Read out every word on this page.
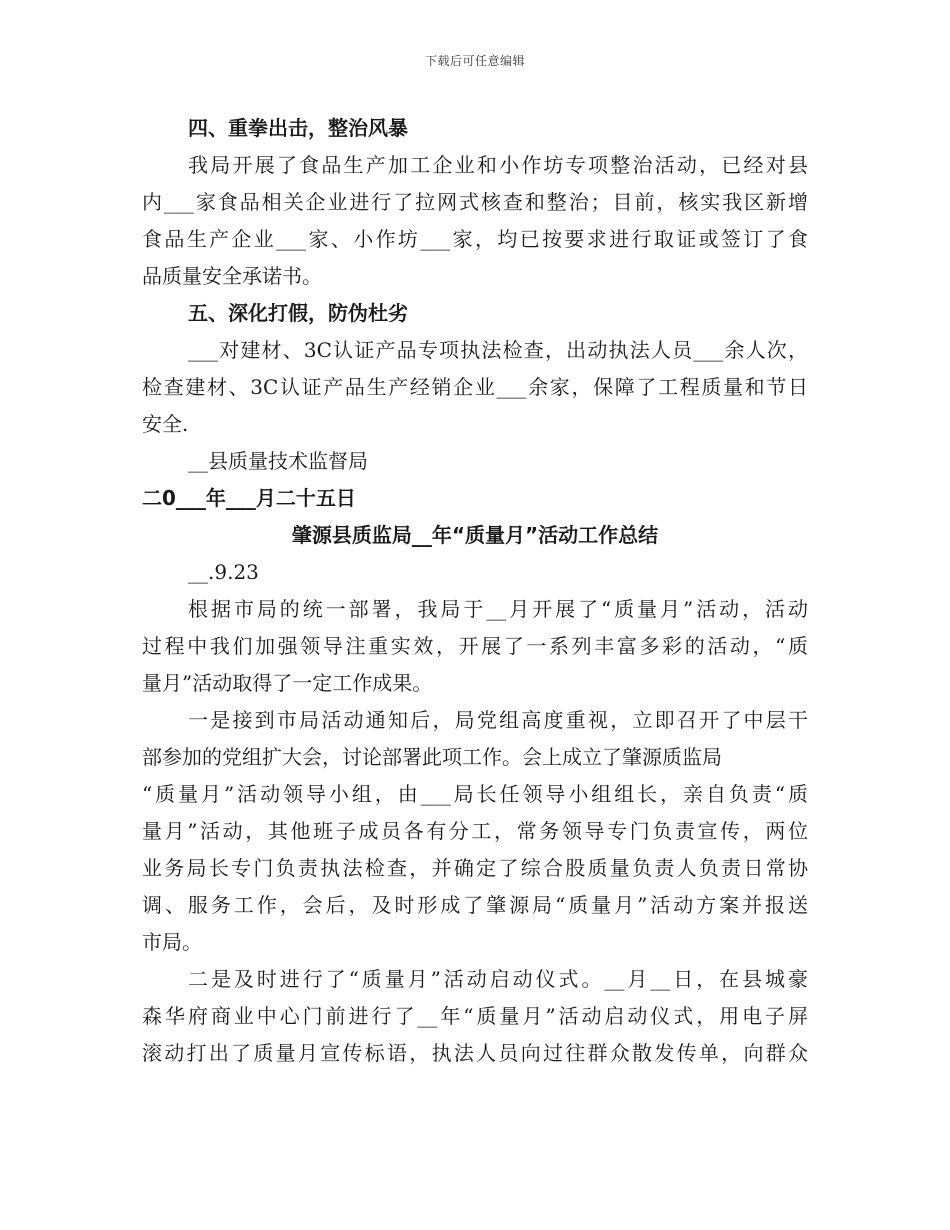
下载后可任意编辑
四、重拳出击，整治风暴
我局开展了食品生产加工企业和小作坊专项整治活动，已经对县
内___家食品相关企业进行了拉网式核查和整治；目前，核实我区新增
食品生产企业___家、小作坊___家，均已按要求进行取证或签订了食
品质量安全承诺书。
五、深化打假，防伪杜劣
___对建材、3C认证产品专项执法检查，出动执法人员___余人次，
检查建材、3C认证产品生产经销企业___余家，保障了工程质量和节日
安全.
__县质量技术监督局
二0___年___月二十五日
肇源县质监局__年“质量月”活动工作总结
__.9.23
根据市局的统一部署，我局于__月开展了“质量月”活动，活动
过程中我们加强领导注重实效，开展了一系列丰富多彩的活动，“质
量月”活动取得了一定工作成果。
一是接到市局活动通知后，局党组高度重视，立即召开了中层干
部参加的党组扩大会，讨论部署此项工作。会上成立了肇源质监局
“质量月”活动领导小组，由___局长任领导小组组长，亲自负责“质
量月”活动，其他班子成员各有分工，常务领导专门负责宣传，两位
业务局长专门负责执法检查，并确定了综合股质量负责人负责日常协
调、服务工作，会后，及时形成了肇源局“质量月”活动方案并报送
市局。
二是及时进行了“质量月”活动启动仪式。__月__日，在县城豪
森华府商业中心门前进行了__年“质量月”活动启动仪式，用电子屏
滚动打出了质量月宣传标语，执法人员向过往群众散发传单，向群众
